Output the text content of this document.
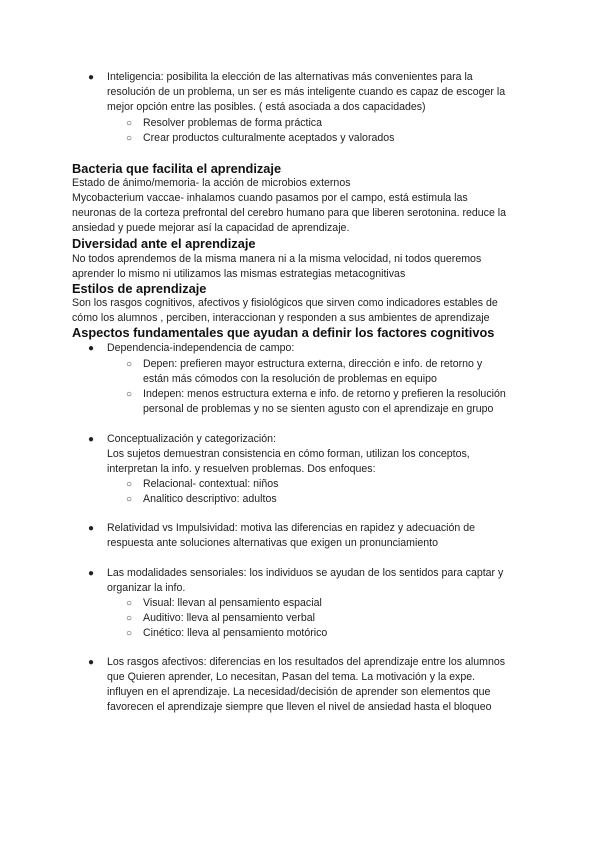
● Inteligencia: posibilita la elección de las alternativas más convenientes para la
resolución de un problema, un ser es más inteligente cuando es capaz de escoger la
mejor opción entre las posibles. ( está asociada a dos capacidades)
○ Resolver problemas de forma práctica
○ Crear productos culturalmente aceptados y valorados
Bacteria que facilita el aprendizaje
Estado de ánimo/memoria- la acción de microbios externos
Mycobacterium vaccae- inhalamos cuando pasamos por el campo, está estimula las
neuronas de la corteza prefrontal del cerebro humano para que liberen serotonina. reduce la
ansiedad y puede mejorar así la capacidad de aprendizaje.
Diversidad ante el aprendizaje
No todos aprendemos de la misma manera ni a la misma velocidad, ni todos queremos
aprender lo mismo ni utilizamos las mismas estrategias metacognitivas
Estilos de aprendizaje
Son los rasgos cognitivos, afectivos y fisiológicos que sirven como indicadores estables de
cómo los alumnos , perciben, interaccionan y responden a sus ambientes de aprendizaje
Aspectos fundamentales que ayudan a definir los factores cognitivos
● Dependencia-independencia de campo:
○ Depen: prefieren mayor estructura externa, dirección e info. de retorno y
están más cómodos con la resolución de problemas en equipo
○ Indepen: menos estructura externa e info. de retorno y prefieren la resolución
personal de problemas y no se sienten agusto con el aprendizaje en grupo
● Conceptualización y categorización:
Los sujetos demuestran consistencia en cómo forman, utilizan los conceptos,
interpretan la info. y resuelven problemas. Dos enfoques:
○ Relacional- contextual: niños
○ Analitico descriptivo: adultos
● Relatividad vs Impulsividad: motiva las diferencias en rapidez y adecuación de
respuesta ante soluciones alternativas que exigen un pronunciamiento
● Las modalidades sensoriales: los individuos se ayudan de los sentidos para captar y
organizar la info.
○ Visual: llevan al pensamiento espacial
○ Auditivo: lleva al pensamiento verbal
○ Cinético: lleva al pensamiento motórico
● Los rasgos afectivos: diferencias en los resultados del aprendizaje entre los alumnos
que Quieren aprender, Lo necesitan, Pasan del tema. La motivación y la expe.
influyen en el aprendizaje. La necesidad/decisión de aprender son elementos que
favorecen el aprendizaje siempre que lleven el nivel de ansiedad hasta el bloqueo
